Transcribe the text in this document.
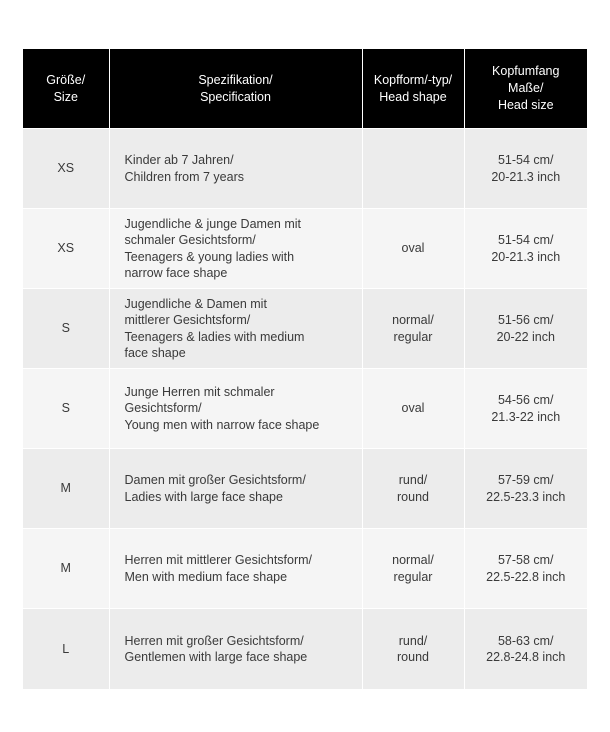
Größe/
Size	Spezifikation/
Specification	Kopfform/-typ/
Head shape	Kopfumfang
Maße/
Head size

XS	Kinder ab 7 Jahren/
Children from 7 years		51-54 cm/
20-21.3 inch

XS	Jugendliche & junge Damen mit
schmaler Gesichtsform/
Teenagers & young ladies with
narrow face shape	oval	51-54 cm/
20-21.3 inch

S	Jugendliche & Damen mit
mittlerer Gesichtsform/
Teenagers & ladies with medium
face shape	normal/
regular	51-56 cm/
20-22 inch

S	Junge Herren mit schmaler
Gesichtsform/
Young men with narrow face shape	oval	54-56 cm/
21.3-22 inch

M	Damen mit großer Gesichtsform/
Ladies with large face shape	rund/
round	57-59 cm/
22.5-23.3 inch

M	Herren mit mittlerer Gesichtsform/
Men with medium face shape	normal/
regular	57-58 cm/
22.5-22.8 inch

L	Herren mit großer Gesichtsform/
Gentlemen with large face shape	rund/
round	58-63 cm/
22.8-24.8 inch
